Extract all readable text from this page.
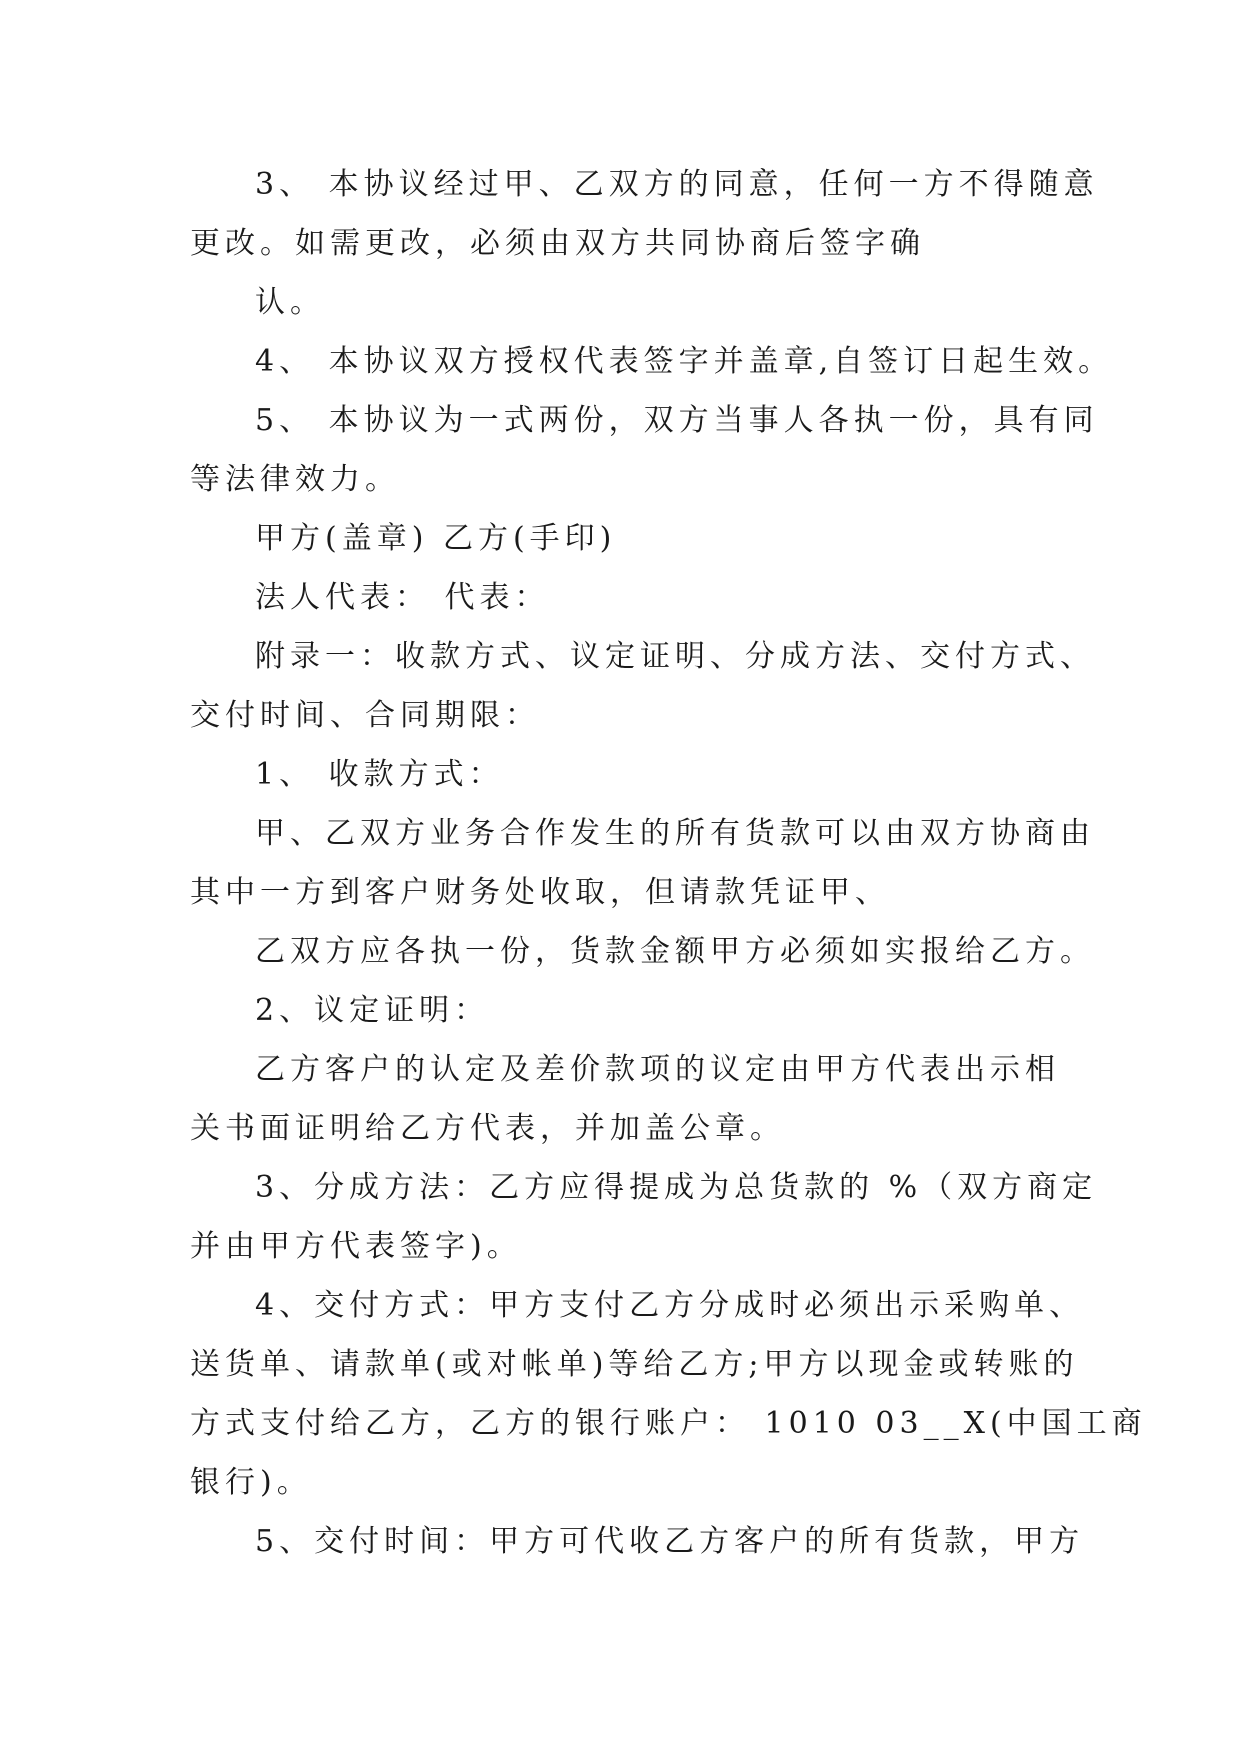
3、 本协议经过甲、乙双方的同意，任何一方不得随意
更改。如需更改，必须由双方共同协商后签字确
认。
4、 本协议双方授权代表签字并盖章,自签订日起生效。
5、 本协议为一式两份，双方当事人各执一份，具有同
等法律效力。
甲方(盖章) 乙方(手印)
法人代表： 代表：
附录一：收款方式、议定证明、分成方法、交付方式、
交付时间、合同期限：
1、 收款方式：
甲、乙双方业务合作发生的所有货款可以由双方协商由
其中一方到客户财务处收取，但请款凭证甲、
乙双方应各执一份，货款金额甲方必须如实报给乙方。
2、议定证明：
乙方客户的认定及差价款项的议定由甲方代表出示相
关书面证明给乙方代表，并加盖公章。
3、分成方法：乙方应得提成为总货款的 %（双方商定
并由甲方代表签字)。
4、交付方式：甲方支付乙方分成时必须出示采购单、
送货单、请款单(或对帐单)等给乙方;甲方以现金或转账的
方式支付给乙方，乙方的银行账户： 1010 03__X(中国工商
银行)。
5、交付时间：甲方可代收乙方客户的所有货款，甲方
